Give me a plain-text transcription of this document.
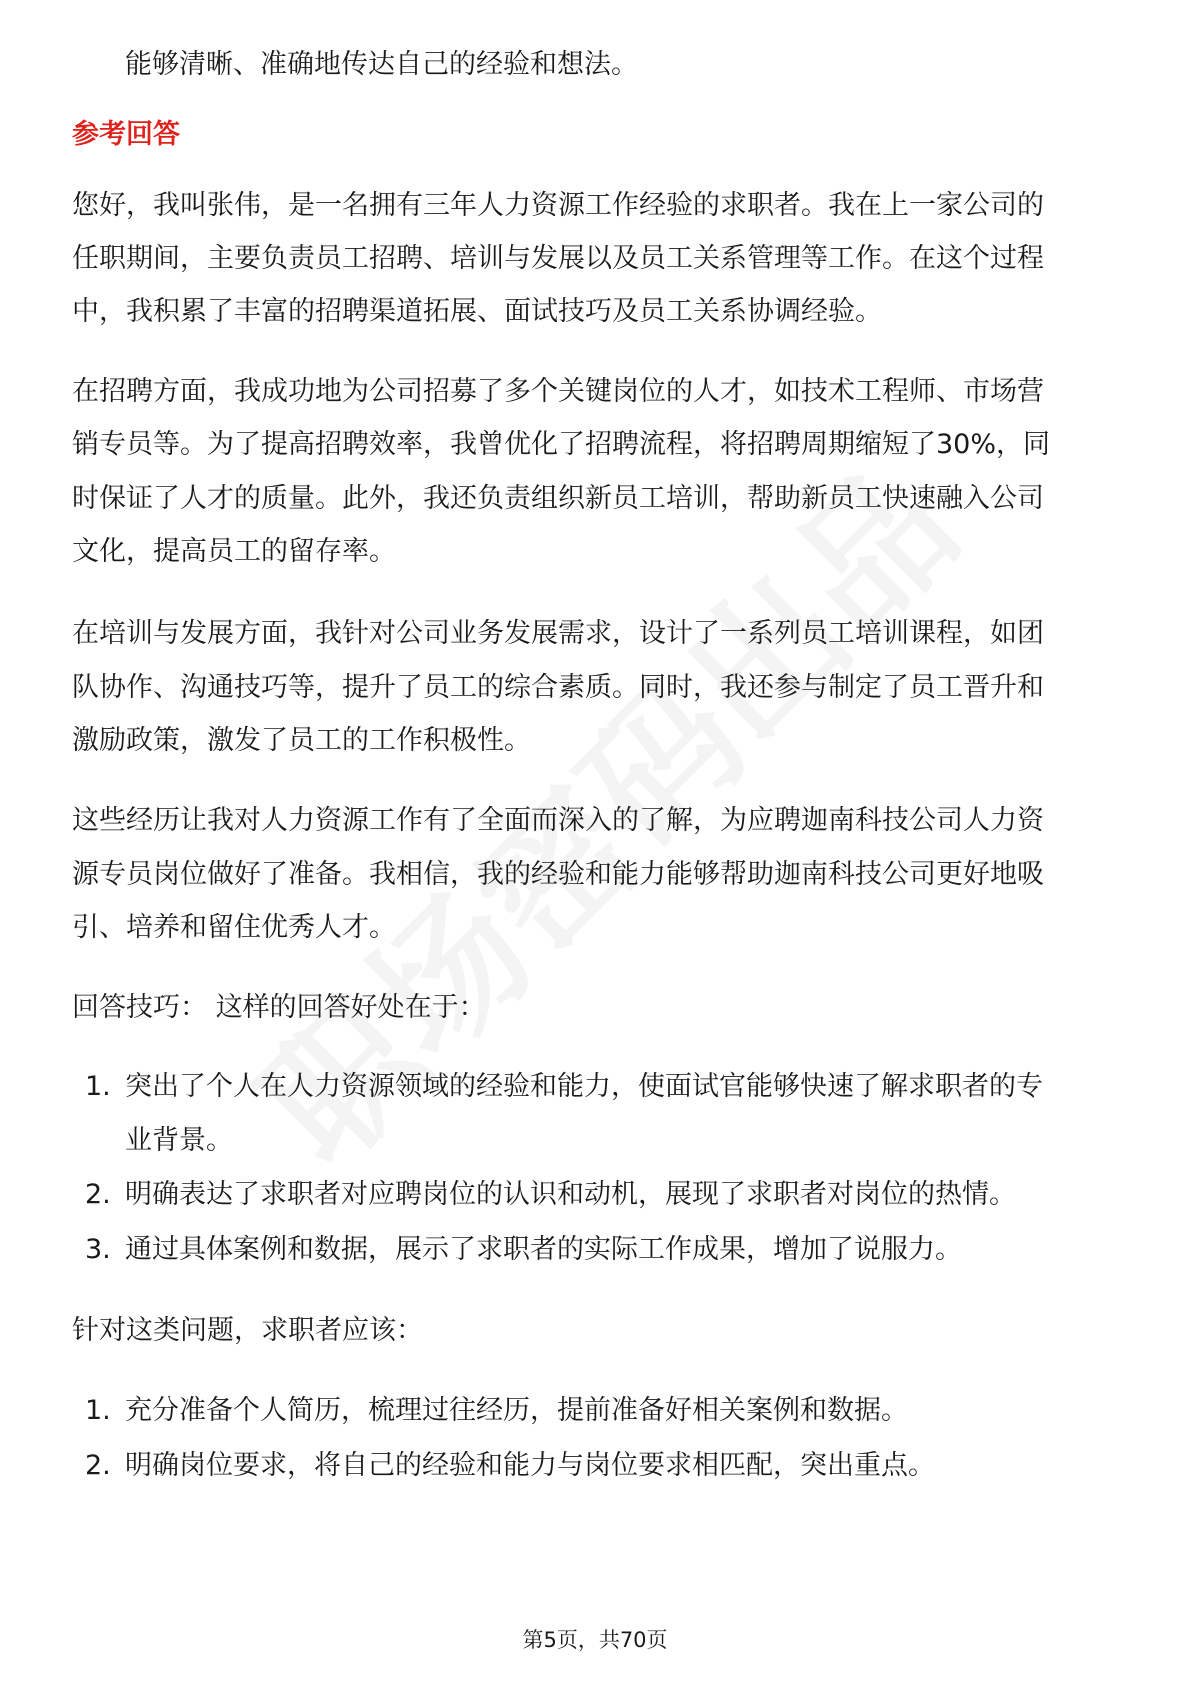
能够清晰、准确地传达自己的经验和想法。
参考回答
您好，我叫张伟，是一名拥有三年人力资源工作经验的求职者。我在上一家公司的
任职期间，主要负责员工招聘、培训与发展以及员工关系管理等工作。在这个过程
中，我积累了丰富的招聘渠道拓展、面试技巧及员工关系协调经验。
在招聘方面，我成功地为公司招募了多个关键岗位的人才，如技术工程师、市场营
销专员等。为了提高招聘效率，我曾优化了招聘流程，将招聘周期缩短了30%，同
时保证了人才的质量。此外，我还负责组织新员工培训，帮助新员工快速融入公司
文化，提高员工的留存率。
在培训与发展方面，我针对公司业务发展需求，设计了一系列员工培训课程，如团
队协作、沟通技巧等，提升了员工的综合素质。同时，我还参与制定了员工晋升和
激励政策，激发了员工的工作积极性。
这些经历让我对人力资源工作有了全面而深入的了解，为应聘迦南科技公司人力资
源专员岗位做好了准备。我相信，我的经验和能力能够帮助迦南科技公司更好地吸
引、培养和留住优秀人才。
回答技巧： 这样的回答好处在于：
1. 突出了个人在人力资源领域的经验和能力，使面试官能够快速了解求职者的专
业背景。
2. 明确表达了求职者对应聘岗位的认识和动机，展现了求职者对岗位的热情。
3. 通过具体案例和数据，展示了求职者的实际工作成果，增加了说服力。
针对这类问题，求职者应该：
1. 充分准备个人简历，梳理过往经历，提前准备好相关案例和数据。
2. 明确岗位要求，将自己的经验和能力与岗位要求相匹配，突出重点。
第5页，共70页
